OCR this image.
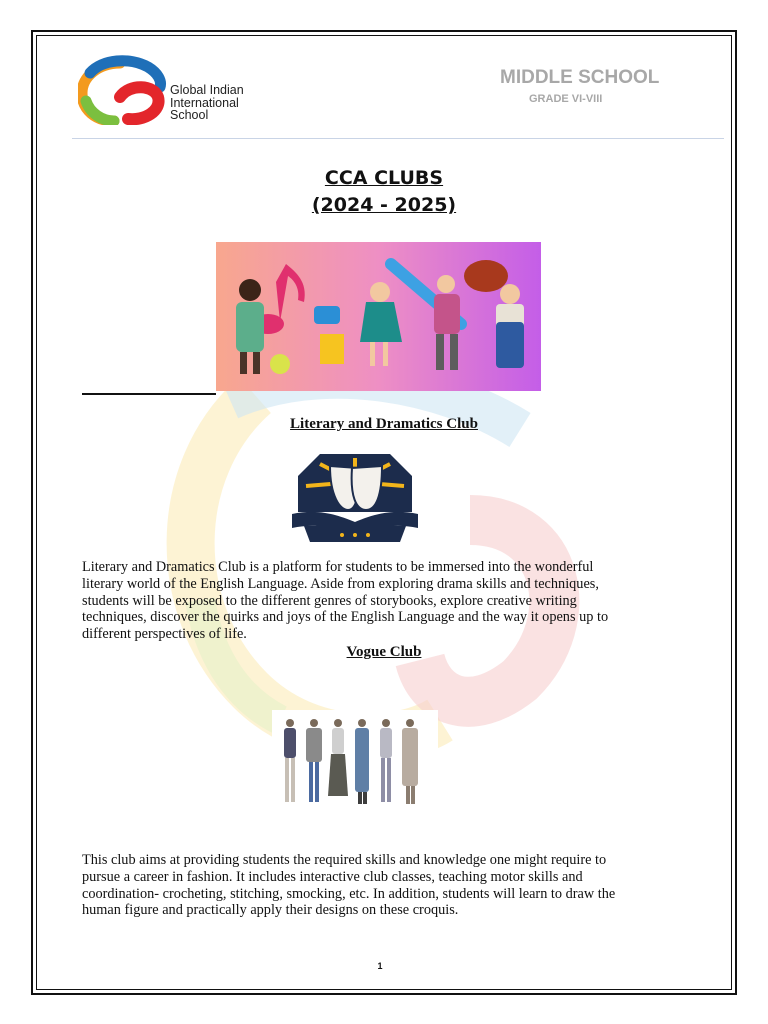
Global Indian
International
School
MIDDLE SCHOOL
GRADE VI-VIII
CCA CLUBS
(2024 - 2025)
Literary and Dramatics Club
Literary and Dramatics Club is a platform for students to be immersed into the wonderful
literary world of the English Language. Aside from exploring drama skills and techniques,
students will be exposed to the different genres of storybooks, explore creative writing
techniques, discover the quirks and joys of the English Language and the way it opens up to
different perspectives of life.
Vogue Club
This club aims at providing students the required skills and knowledge one might require to
pursue a career in fashion. It includes interactive club classes, teaching motor skills and
coordination- crocheting, stitching, smocking, etc. In addition, students will learn to draw the
human figure and practically apply their designs on these croquis.
1
